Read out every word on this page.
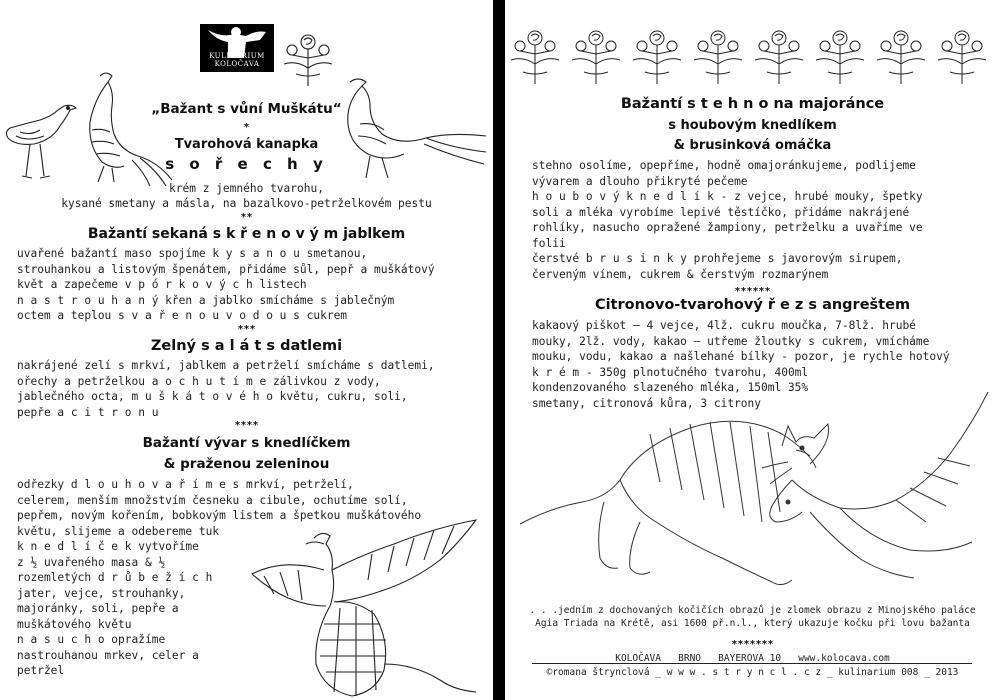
KULINARIUM KOLOČAVA
„Bažant s vůní Muškátu“
*
Tvarohová kanapka
s o ř e c h y
krém z jemného tvarohu,
kysané smetany a másla, na bazalkovo-petrželkovém pestu
**
Bažantí sekaná s k ř e n o v ý m jablkem
uvařené bažantí maso spojíme k y s a n o u smetanou,
strouhankou a listovým špenátem, přidáme sůl, pepř a muškátový
květ a zapečeme v p ó r k o v ý c h listech
n a s t r o u h a n ý křen a jablko smícháme s jablečným
octem a teplou s v a ř e n o u v o d o u s cukrem
***
Zelný s a l á t s datlemi
nakrájené zelí s mrkví, jablkem a petrželí smícháme s datlemi,
ořechy a petrželkou a o c h u t í m e zálivkou z vody,
jablečného octa, m u š k á t o v é h o květu, cukru, soli,
pepře a c i t r o n u
****
Bažantí vývar s knedlíčkem
& praženou zeleninou
odřezky d l o u h o v a ř í m e s mrkví, petrželí,
celerem, menším množstvím česneku a cibule, ochutíme solí,
pepřem, novým kořením, bobkovým listem a špetkou muškátového
květu, slijeme a odebereme tuk
k n e d l í č e k vytvoříme
z ½ uvařeného masa & ½
rozemletých d r ů b e ž í c h
jater, vejce, strouhanky,
majoránky, soli, pepře a
muškátového květu
n a s u c h o opražíme
nastrouhanou mrkev, celer a
petržel
Bažantí s t e h n o na majoránce
s houbovým knedlíkem
& brusinková omáčka
stehno osolíme, opepříme, hodně omajoránkujeme, podlijeme
vývarem a dlouho přikryté pečeme
h o u b o v ý k n e d l í k - z vejce, hrubé mouky, špetky
soli a mléka vyrobíme lepivé těstíčko, přidáme nakrájené
rohlíky, nasucho opražené žampiony, petrželku a uvaříme ve
folii
čerstvé b r u s i n k y prohřejeme s javorovým sirupem,
červeným vínem, cukrem & čerstvým rozmarýnem
******
Citronovo-tvarohový ř e z s angreštem
kakaový piškot – 4 vejce, 4lž. cukru moučka, 7-8lž. hrubé
mouky, 2lž. vody, kakao – utřeme žloutky s cukrem, vmícháme
mouku, vodu, kakao a našlehané bílky - pozor, je rychle hotový
k r é m - 350g plnotučného tvarohu, 400ml
kondenzovaného slazeného mléka, 150ml 35%
smetany, citronová kůra, 3 citrony
. . .jedním z dochovaných kočičích obrazů je zlomek obrazu z Minojského paláce
Agia Triada na Krétě, asi 1600 př.n.l., který ukazuje kočku při lovu bažanta
*******
KOLOČAVA _ BRNO _ BAYEROVA 10 _ www.kolocava.com
©romana štrynclová _ w w w . s t r y n c l . c z _ kulinarium 008 _ 2013
